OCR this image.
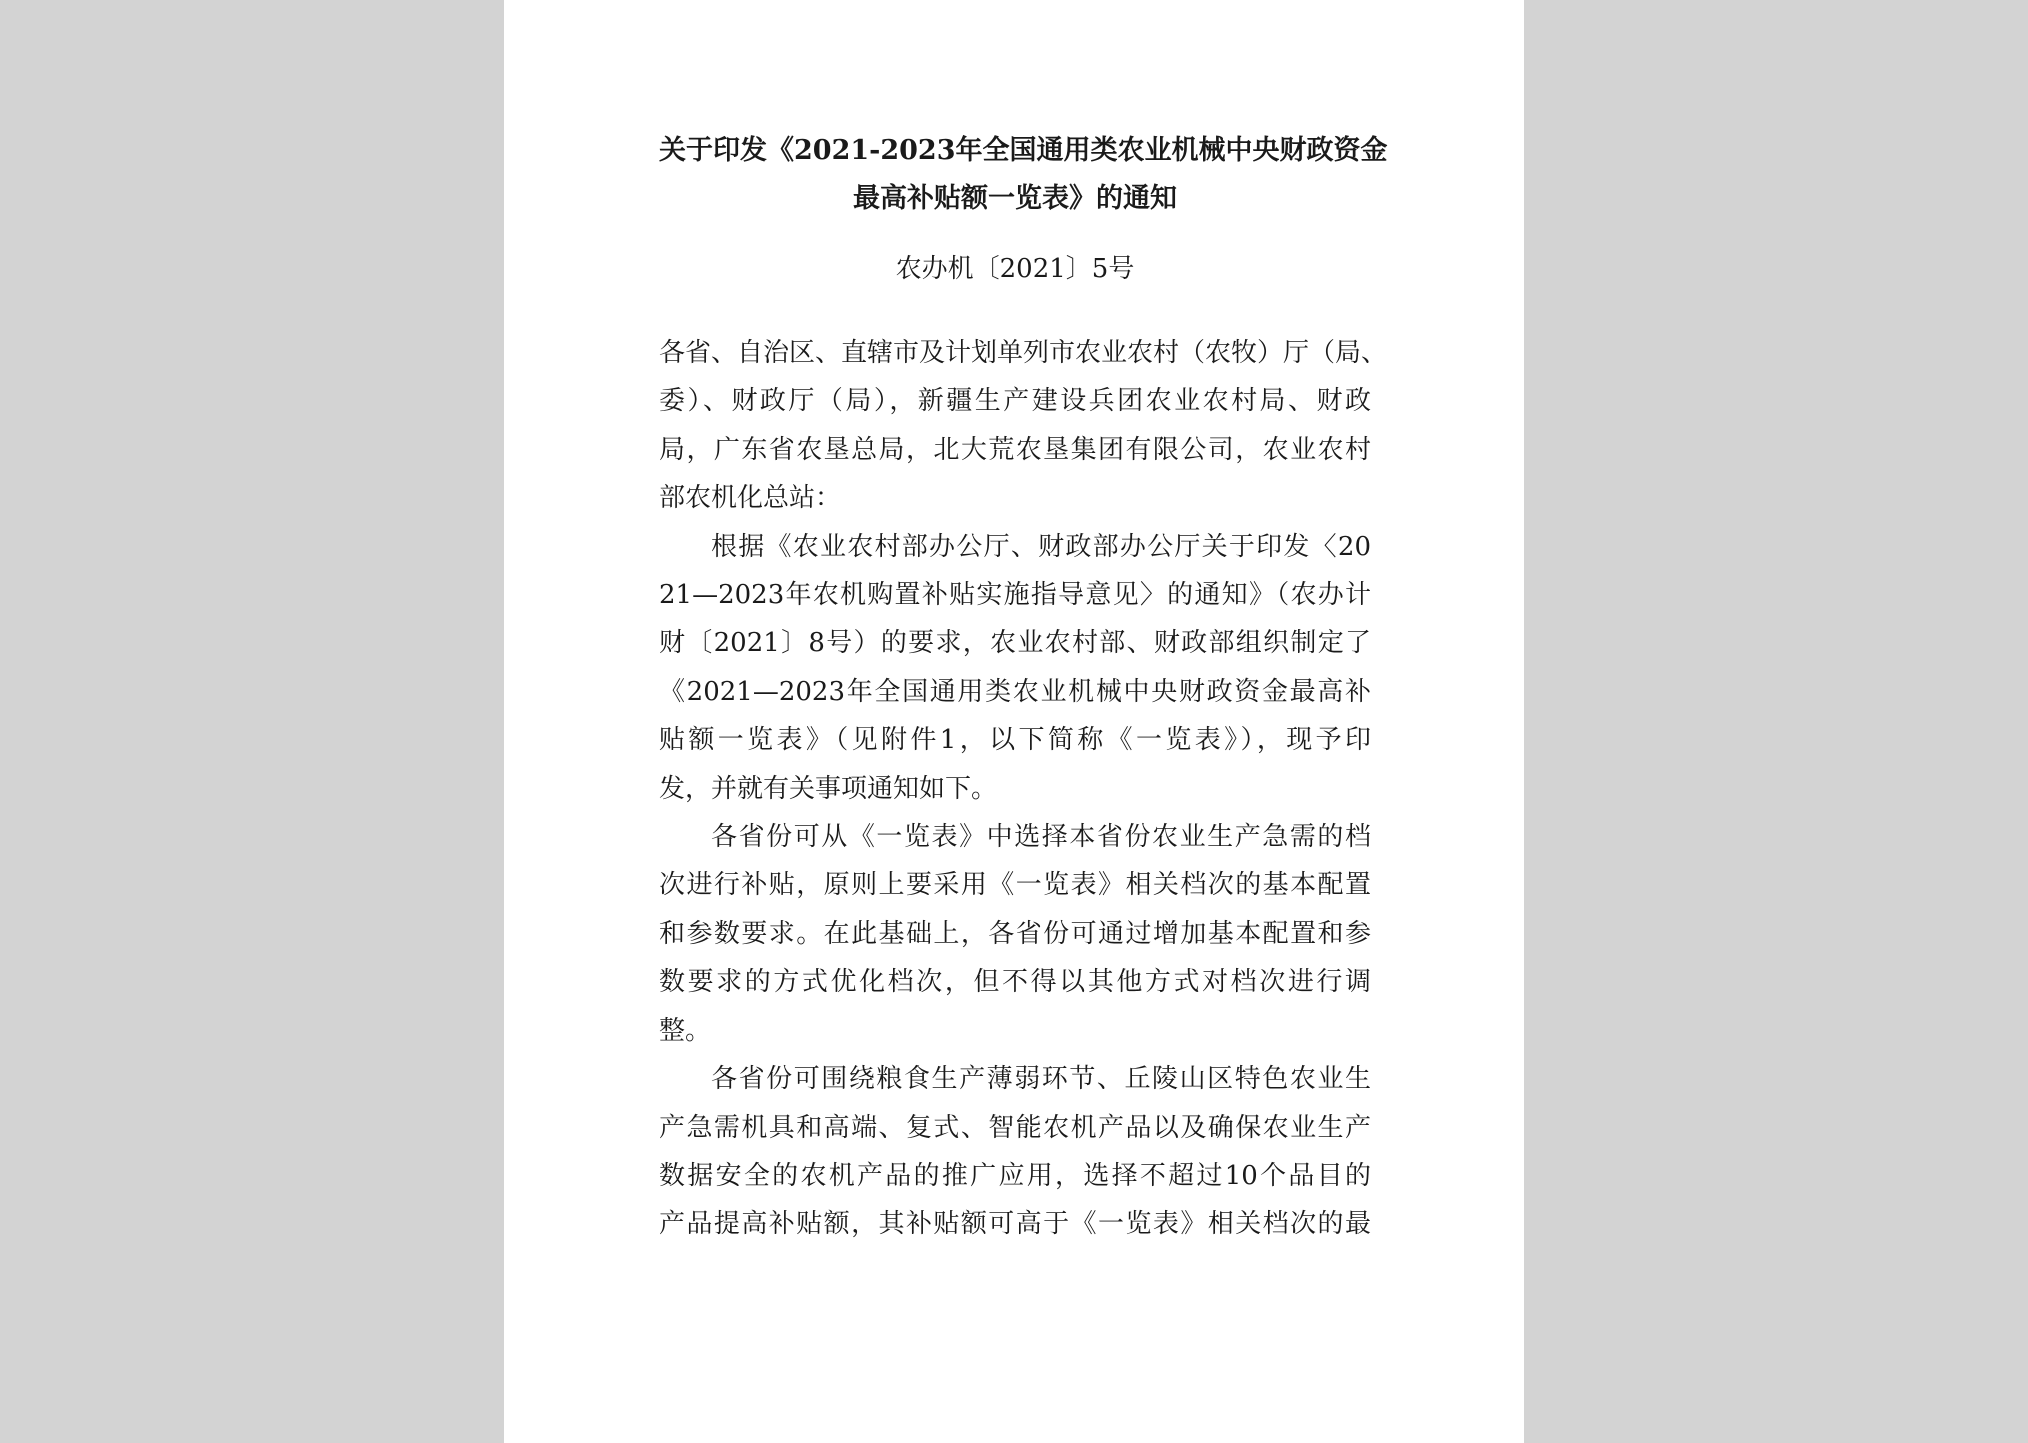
关于印发《2021-2023年全国通用类农业机械中央财政资金
最高补贴额一览表》的通知

农办机〔2021〕5号

各省、自治区、直辖市及计划单列市农业农村（农牧）厅（局、
委）、财政厅（局），新疆生产建设兵团农业农村局、财政
局，广东省农垦总局，北大荒农垦集团有限公司，农业农村
部农机化总站：

根据《农业农村部办公厅、财政部办公厅关于印发〈20
21—2023年农机购置补贴实施指导意见〉的通知》（农办计
财〔2021〕8号）的要求，农业农村部、财政部组织制定了
《2021—2023年全国通用类农业机械中央财政资金最高补
贴额一览表》（见附件1，以下简称《一览表》），现予印
发，并就有关事项通知如下。

各省份可从《一览表》中选择本省份农业生产急需的档
次进行补贴，原则上要采用《一览表》相关档次的基本配置
和参数要求。在此基础上，各省份可通过增加基本配置和参
数要求的方式优化档次，但不得以其他方式对档次进行调
整。

各省份可围绕粮食生产薄弱环节、丘陵山区特色农业生
产急需机具和高端、复式、智能农机产品以及确保农业生产
数据安全的农机产品的推广应用，选择不超过10个品目的
产品提高补贴额，其补贴额可高于《一览表》相关档次的最
